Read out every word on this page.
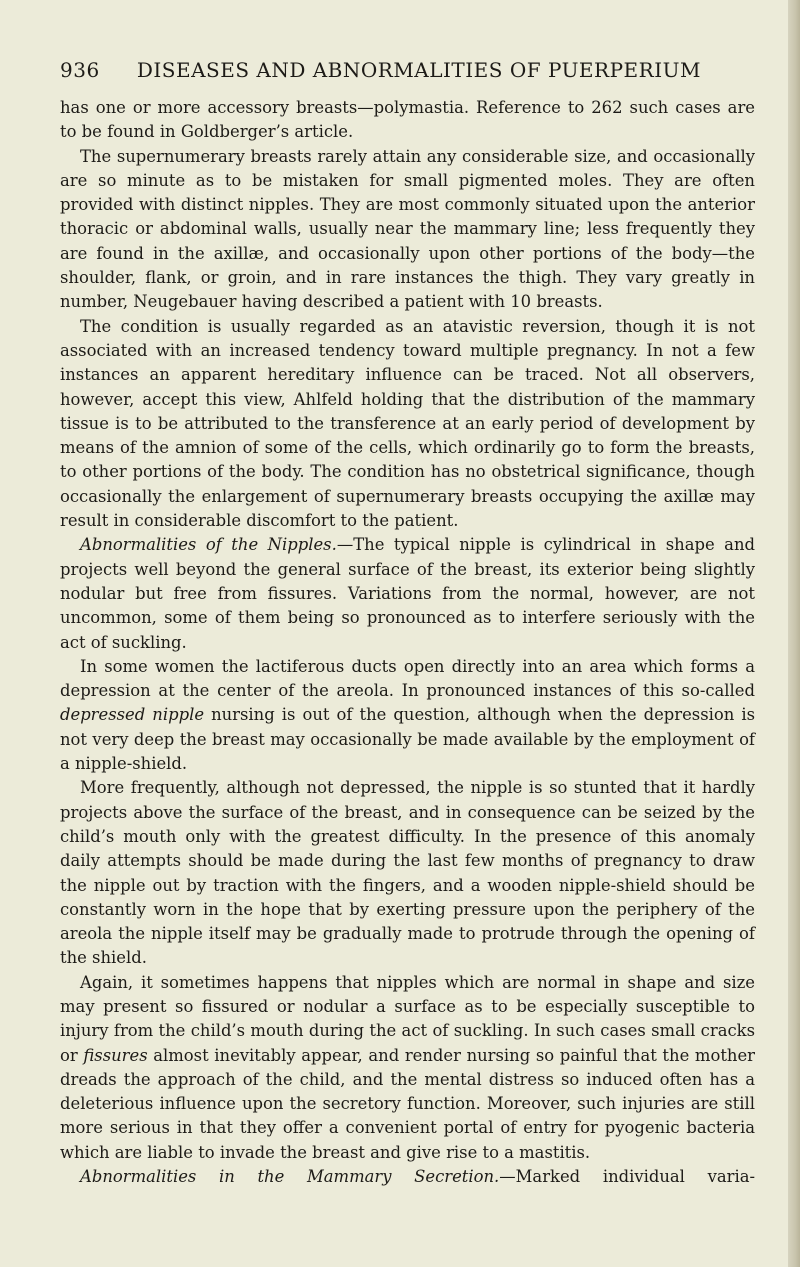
936 DISEASES AND ABNORMALITIES OF PUERPERIUM

has one or more accessory breasts—polymastia. Reference to 262 such cases are to be found in Goldberger’s article.

The supernumerary breasts rarely attain any considerable size, and occasionally are so minute as to be mistaken for small pigmented moles. They are often provided with distinct nipples. They are most commonly situated upon the anterior thoracic or abdominal walls, usually near the mammary line; less frequently they are found in the axillæ, and occasionally upon other portions of the body—the shoulder, flank, or groin, and in rare instances the thigh. They vary greatly in number, Neugebauer having described a patient with 10 breasts.

The condition is usually regarded as an atavistic reversion, though it is not associated with an increased tendency toward multiple pregnancy. In not a few instances an apparent hereditary influence can be traced. Not all observers, however, accept this view, Ahlfeld holding that the distribution of the mammary tissue is to be attributed to the transference at an early period of development by means of the amnion of some of the cells, which ordinarily go to form the breasts, to other portions of the body. The condition has no obstetrical significance, though occasionally the enlargement of supernumerary breasts occupying the axillæ may result in considerable discomfort to the patient.

Abnormalities of the Nipples.—The typical nipple is cylindrical in shape and projects well beyond the general surface of the breast, its exterior being slightly nodular but free from fissures. Variations from the normal, however, are not uncommon, some of them being so pronounced as to interfere seriously with the act of suckling.

In some women the lactiferous ducts open directly into an area which forms a depression at the center of the areola. In pronounced instances of this so-called depressed nipple nursing is out of the question, although when the depression is not very deep the breast may occasionally be made available by the employment of a nipple-shield.

More frequently, although not depressed, the nipple is so stunted that it hardly projects above the surface of the breast, and in consequence can be seized by the child’s mouth only with the greatest difficulty. In the presence of this anomaly daily attempts should be made during the last few months of pregnancy to draw the nipple out by traction with the fingers, and a wooden nipple-shield should be constantly worn in the hope that by exerting pressure upon the periphery of the areola the nipple itself may be gradually made to protrude through the opening of the shield.

Again, it sometimes happens that nipples which are normal in shape and size may present so fissured or nodular a surface as to be especially susceptible to injury from the child’s mouth during the act of suckling. In such cases small cracks or fissures almost inevitably appear, and render nursing so painful that the mother dreads the approach of the child, and the mental distress so induced often has a deleterious influence upon the secretory function. Moreover, such injuries are still more serious in that they offer a convenient portal of entry for pyogenic bacteria which are liable to invade the breast and give rise to a mastitis.

Abnormalities in the Mammary Secretion.—Marked individual varia-
